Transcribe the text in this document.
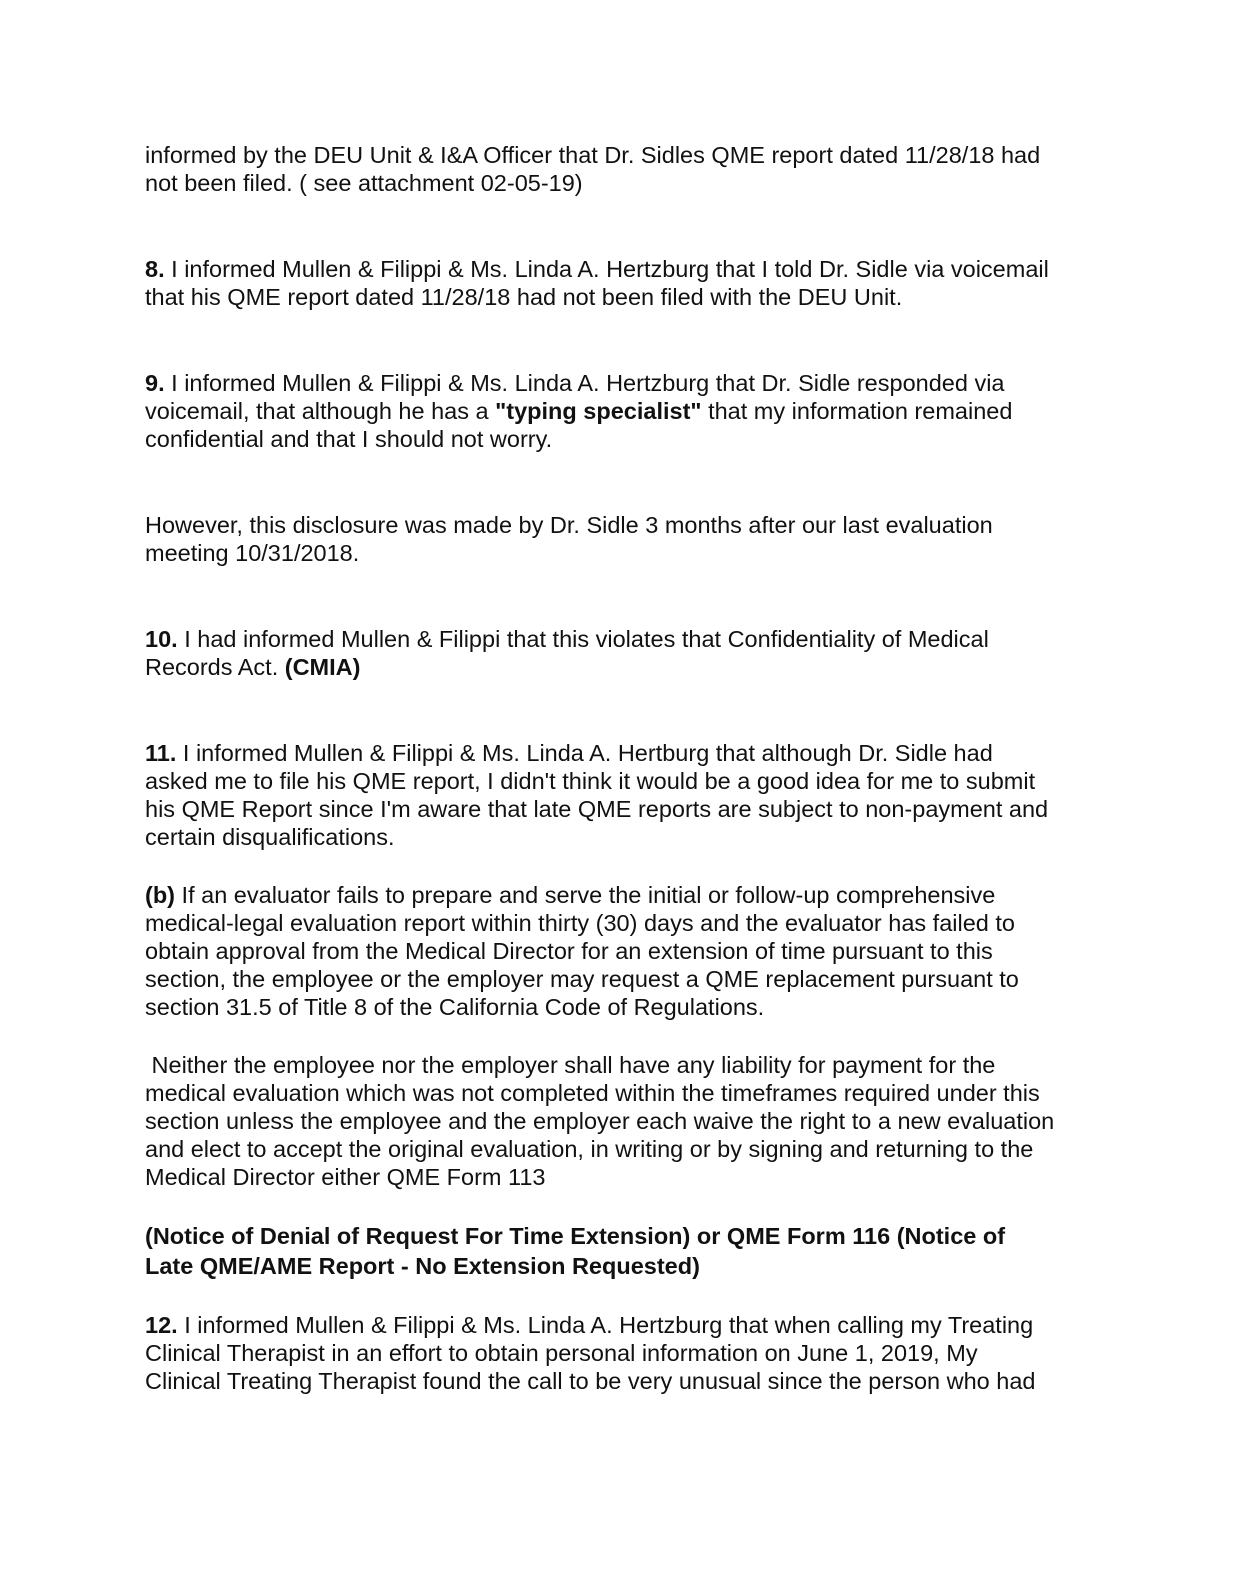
informed by the DEU Unit & I&A Officer that Dr. Sidles QME report dated 11/28/18 had
not been filed. ( see attachment 02-05-19)

8. I informed Mullen & Filippi & Ms. Linda A. Hertzburg that I told Dr. Sidle via voicemail
that his QME report dated 11/28/18 had not been filed with the DEU Unit.

9. I informed Mullen & Filippi & Ms. Linda A. Hertzburg that Dr. Sidle responded via
voicemail, that although he has a "typing specialist" that my information remained
confidential and that I should not worry.

However, this disclosure was made by Dr. Sidle 3 months after our last evaluation
meeting 10/31/2018.

10. I had informed Mullen & Filippi that this violates that Confidentiality of Medical
Records Act. (CMIA)

11. I informed Mullen & Filippi & Ms. Linda A. Hertburg that although Dr. Sidle had
asked me to file his QME report, I didn't think it would be a good idea for me to submit
his QME Report since I'm aware that late QME reports are subject to non-payment and
certain disqualifications.

(b) If an evaluator fails to prepare and serve the initial or follow-up comprehensive
medical-legal evaluation report within thirty (30) days and the evaluator has failed to
obtain approval from the Medical Director for an extension of time pursuant to this
section, the employee or the employer may request a QME replacement pursuant to
section 31.5 of Title 8 of the California Code of Regulations.

Neither the employee nor the employer shall have any liability for payment for the
medical evaluation which was not completed within the timeframes required under this
section unless the employee and the employer each waive the right to a new evaluation
and elect to accept the original evaluation, in writing or by signing and returning to the
Medical Director either QME Form 113

(Notice of Denial of Request For Time Extension) or QME Form 116 (Notice of
Late QME/AME Report - No Extension Requested)

12. I informed Mullen & Filippi & Ms. Linda A. Hertzburg that when calling my Treating
Clinical Therapist in an effort to obtain personal information on June 1, 2019, My
Clinical Treating Therapist found the call to be very unusual since the person who had
